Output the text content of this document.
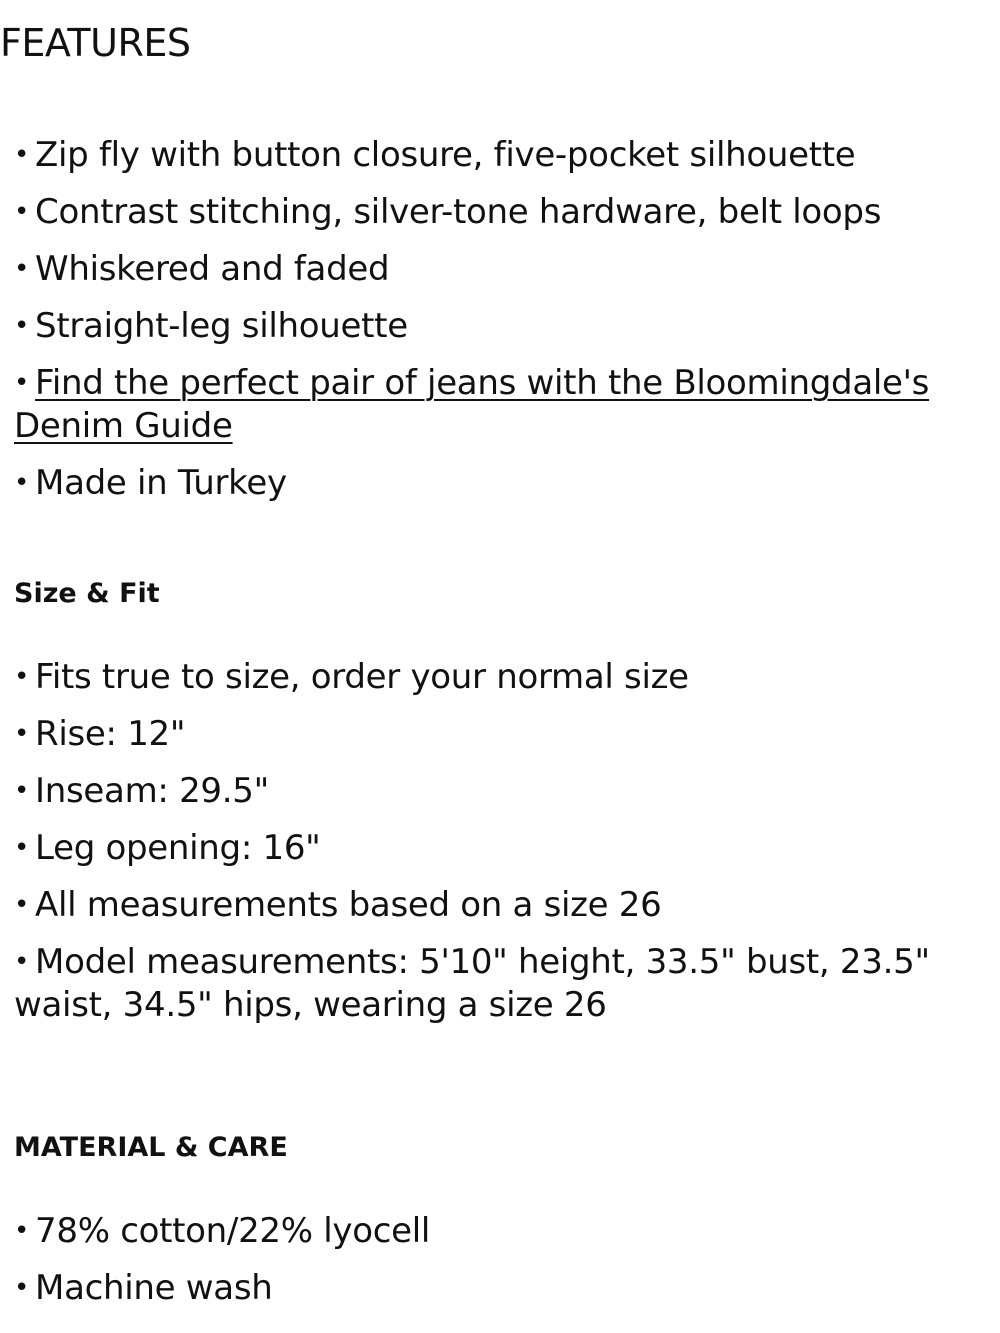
FEATURES
• Zip fly with button closure, five-pocket silhouette
• Contrast stitching, silver-tone hardware, belt loops
• Whiskered and faded
• Straight-leg silhouette
• Find the perfect pair of jeans with the Bloomingdale's Denim Guide
• Made in Turkey
Size & Fit
• Fits true to size, order your normal size
• Rise: 12"
• Inseam: 29.5"
• Leg opening: 16"
• All measurements based on a size 26
• Model measurements: 5'10" height, 33.5" bust, 23.5" waist, 34.5" hips, wearing a size 26
MATERIAL & CARE
• 78% cotton/22% lyocell
• Machine wash
